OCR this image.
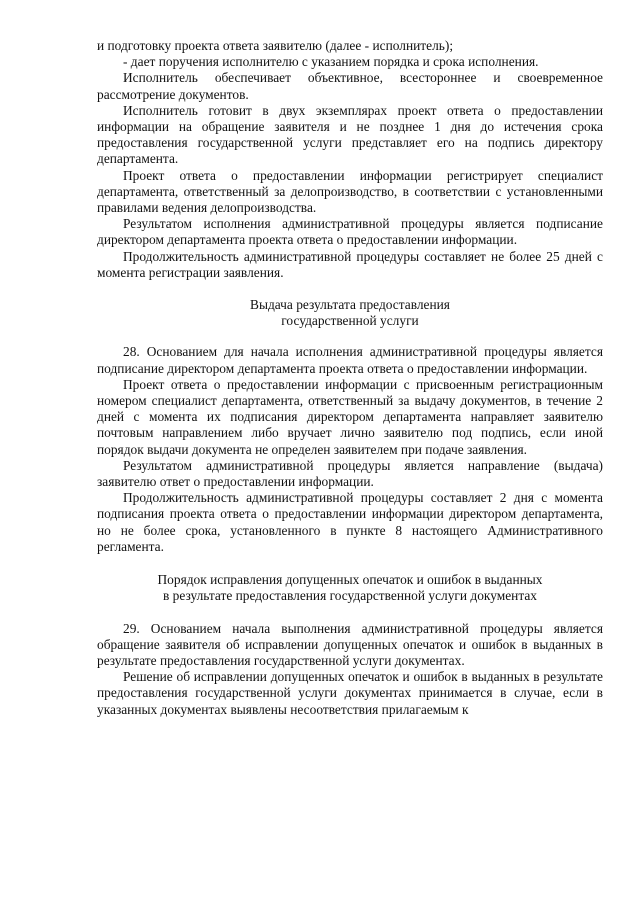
и подготовку проекта ответа заявителю (далее - исполнитель);

- дает поручения исполнителю с указанием порядка и срока исполнения.

Исполнитель обеспечивает объективное, всестороннее и своевременное рассмотрение документов.

Исполнитель готовит в двух экземплярах проект ответа о предоставлении информации на обращение заявителя и не позднее 1 дня до истечения срока предоставления государственной услуги представляет его на подпись директору департамента.

Проект ответа о предоставлении информации регистрирует специалист департамента, ответственный за делопроизводство, в соответствии с установленными правилами ведения делопроизводства.

Результатом исполнения административной процедуры является подписание директором департамента проекта ответа о предоставлении информации.

Продолжительность административной процедуры составляет не более 25 дней с момента регистрации заявления.

Выдача результата предоставления

государственной услуги

28. Основанием для начала исполнения административной процедуры является подписание директором департамента проекта ответа о предоставлении информации.

Проект ответа о предоставлении информации с присвоенным регистрационным номером специалист департамента, ответственный за выдачу документов, в течение 2 дней с момента их подписания директором департамента направляет заявителю почтовым направлением либо вручает лично заявителю под подпись, если иной порядок выдачи документа не определен заявителем при подаче заявления.

Результатом административной процедуры является направление (выдача) заявителю ответ о предоставлении информации.

Продолжительность административной процедуры составляет 2 дня с момента подписания проекта ответа о предоставлении информации директором департамента, но не более срока, установленного в пункте 8 настоящего Административного регламента.

Порядок исправления допущенных опечаток и ошибок в выданных

в результате предоставления государственной услуги документах

29. Основанием начала выполнения административной процедуры является обращение заявителя об исправлении допущенных опечаток и ошибок в выданных в результате предоставления государственной услуги документах.

Решение об исправлении допущенных опечаток и ошибок в выданных в результате предоставления государственной услуги документах принимается в случае, если в указанных документах выявлены несоответствия прилагаемым к
